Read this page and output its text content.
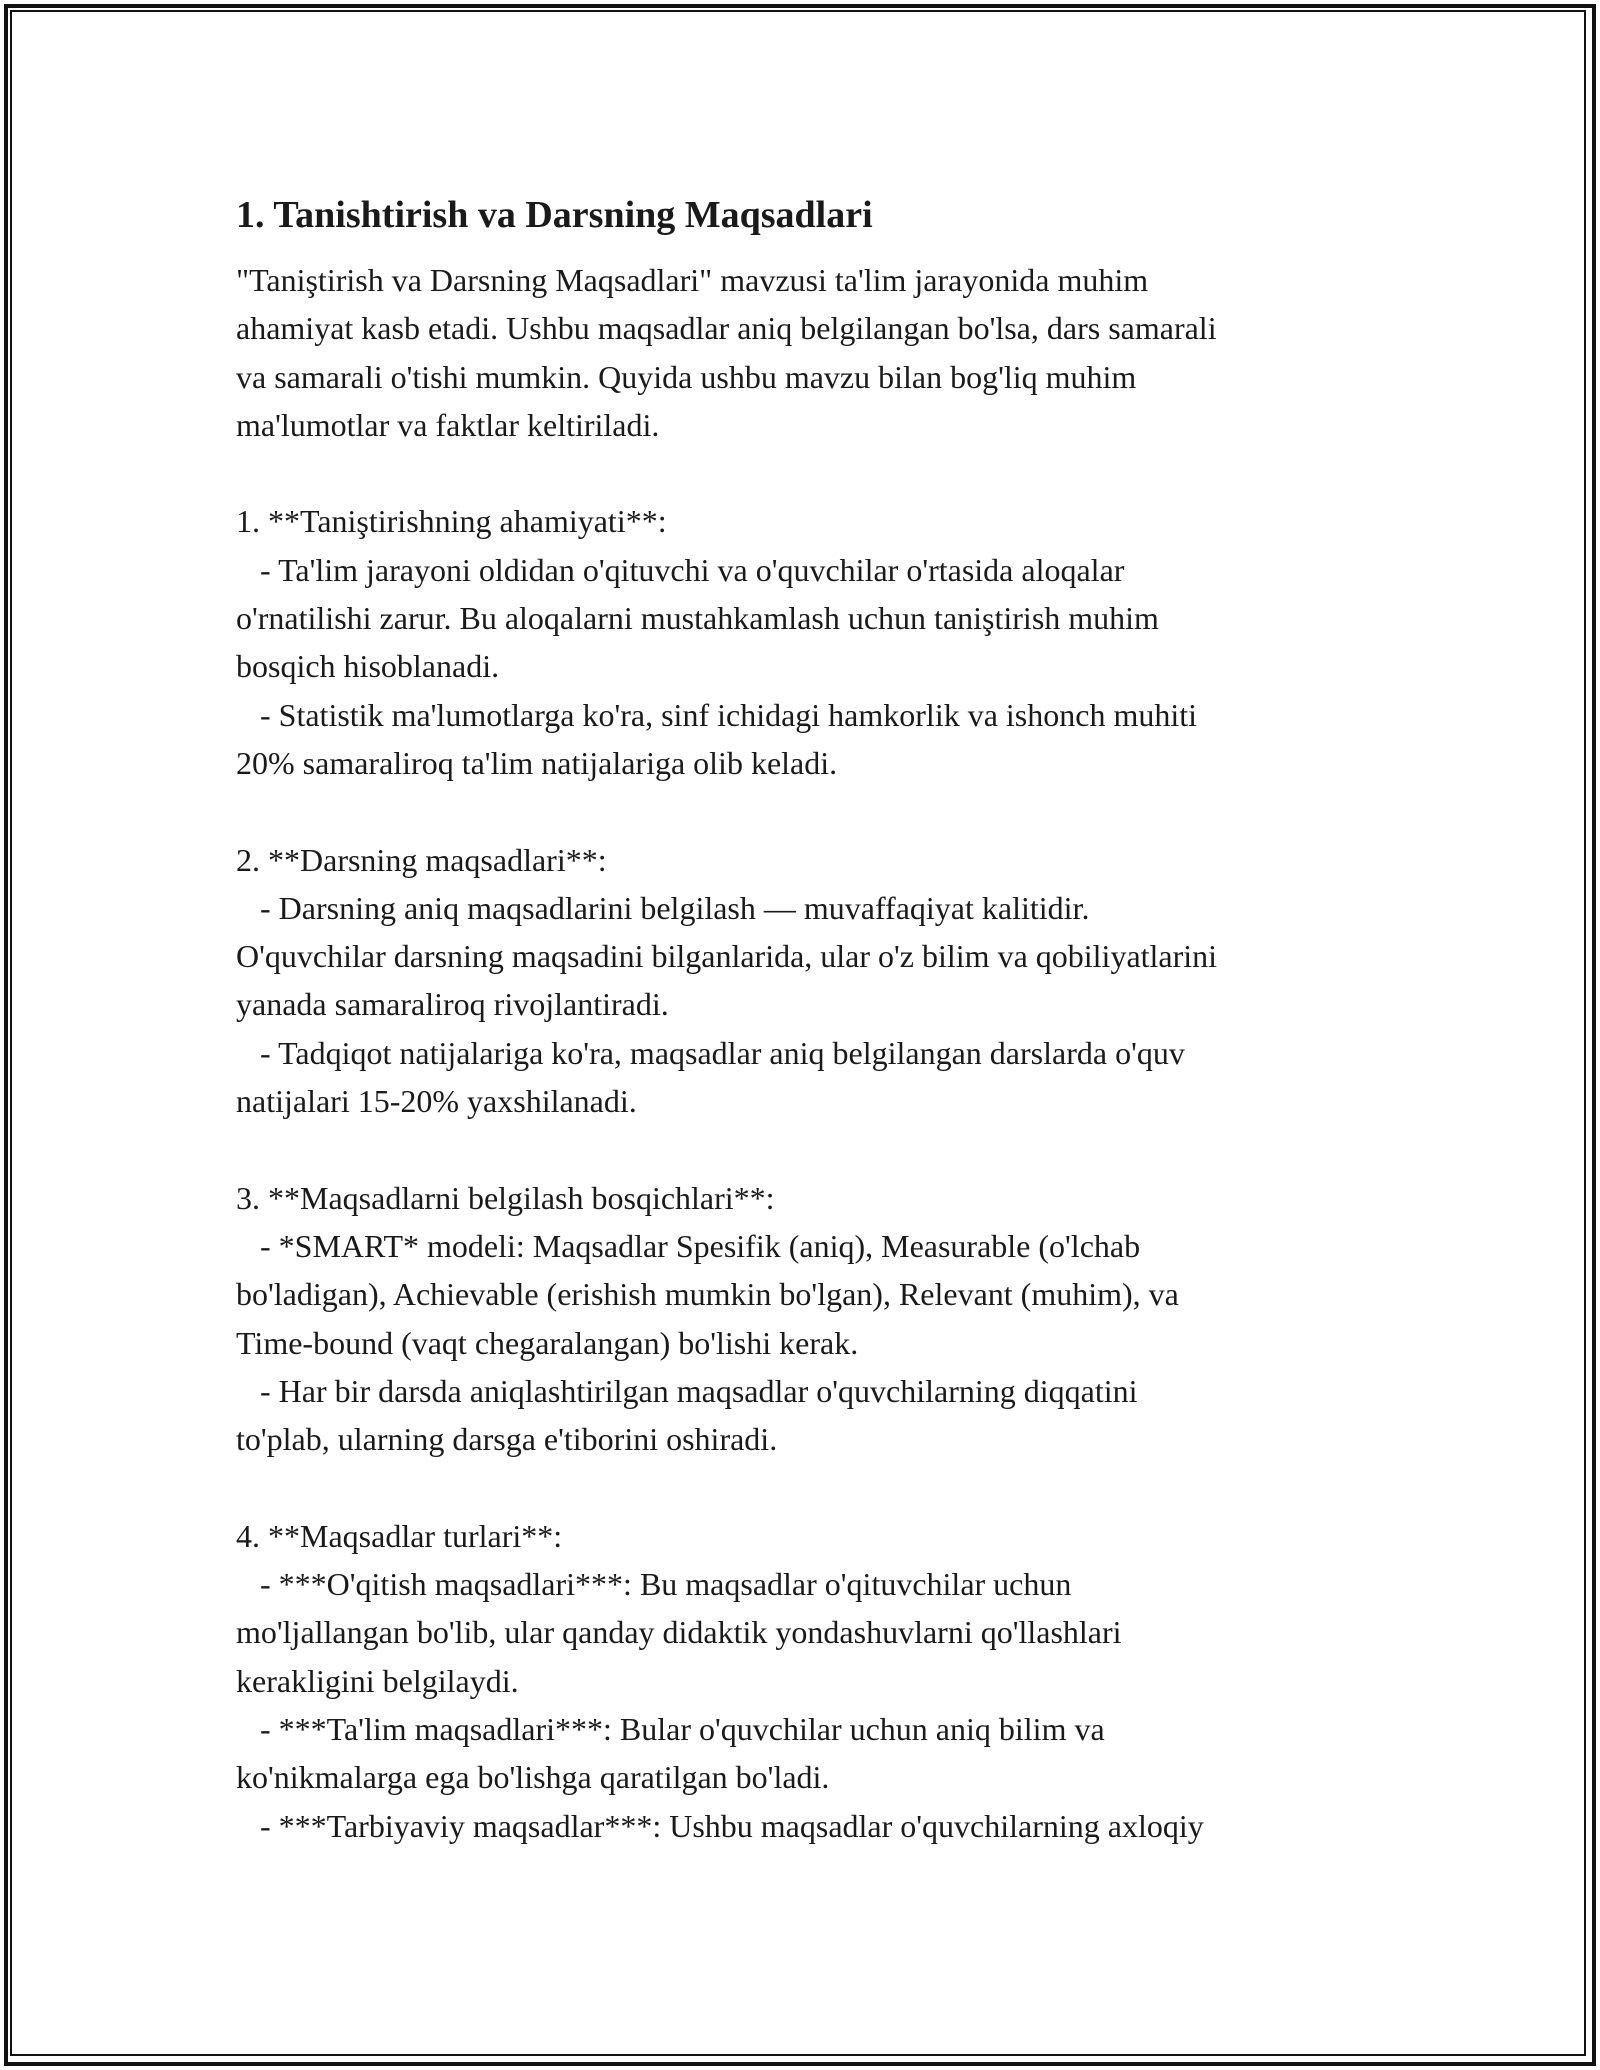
1. Tanishtirish va Darsning Maqsadlari

"Taniştirish va Darsning Maqsadlari" mavzusi ta'lim jarayonida muhim

ahamiyat kasb etadi. Ushbu maqsadlar aniq belgilangan bo'lsa, dars samarali

va samarali o'tishi mumkin. Quyida ushbu mavzu bilan bog'liq muhim

ma'lumotlar va faktlar keltiriladi.

1. **Taniştirishning ahamiyati**:

- Ta'lim jarayoni oldidan o'qituvchi va o'quvchilar o'rtasida aloqalar

o'rnatilishi zarur. Bu aloqalarni mustahkamlash uchun taniştirish muhim

bosqich hisoblanadi.

- Statistik ma'lumotlarga ko'ra, sinf ichidagi hamkorlik va ishonch muhiti

20% samaraliroq ta'lim natijalariga olib keladi.

2. **Darsning maqsadlari**:

- Darsning aniq maqsadlarini belgilash — muvaffaqiyat kalitidir.

O'quvchilar darsning maqsadini bilganlarida, ular o'z bilim va qobiliyatlarini

yanada samaraliroq rivojlantiradi.

- Tadqiqot natijalariga ko'ra, maqsadlar aniq belgilangan darslarda o'quv

natijalari 15-20% yaxshilanadi.

3. **Maqsadlarni belgilash bosqichlari**:

- *SMART* modeli: Maqsadlar Spesifik (aniq), Measurable (o'lchab

bo'ladigan), Achievable (erishish mumkin bo'lgan), Relevant (muhim), va

Time-bound (vaqt chegaralangan) bo'lishi kerak.

- Har bir darsda aniqlashtirilgan maqsadlar o'quvchilarning diqqatini

to'plab, ularning darsga e'tiborini oshiradi.

4. **Maqsadlar turlari**:

- ***O'qitish maqsadlari***: Bu maqsadlar o'qituvchilar uchun

mo'ljallangan bo'lib, ular qanday didaktik yondashuvlarni qo'llashlari

kerakligini belgilaydi.

- ***Ta'lim maqsadlari***: Bular o'quvchilar uchun aniq bilim va

ko'nikmalarga ega bo'lishga qaratilgan bo'ladi.

- ***Tarbiyaviy maqsadlar***: Ushbu maqsadlar o'quvchilarning axloqiy
